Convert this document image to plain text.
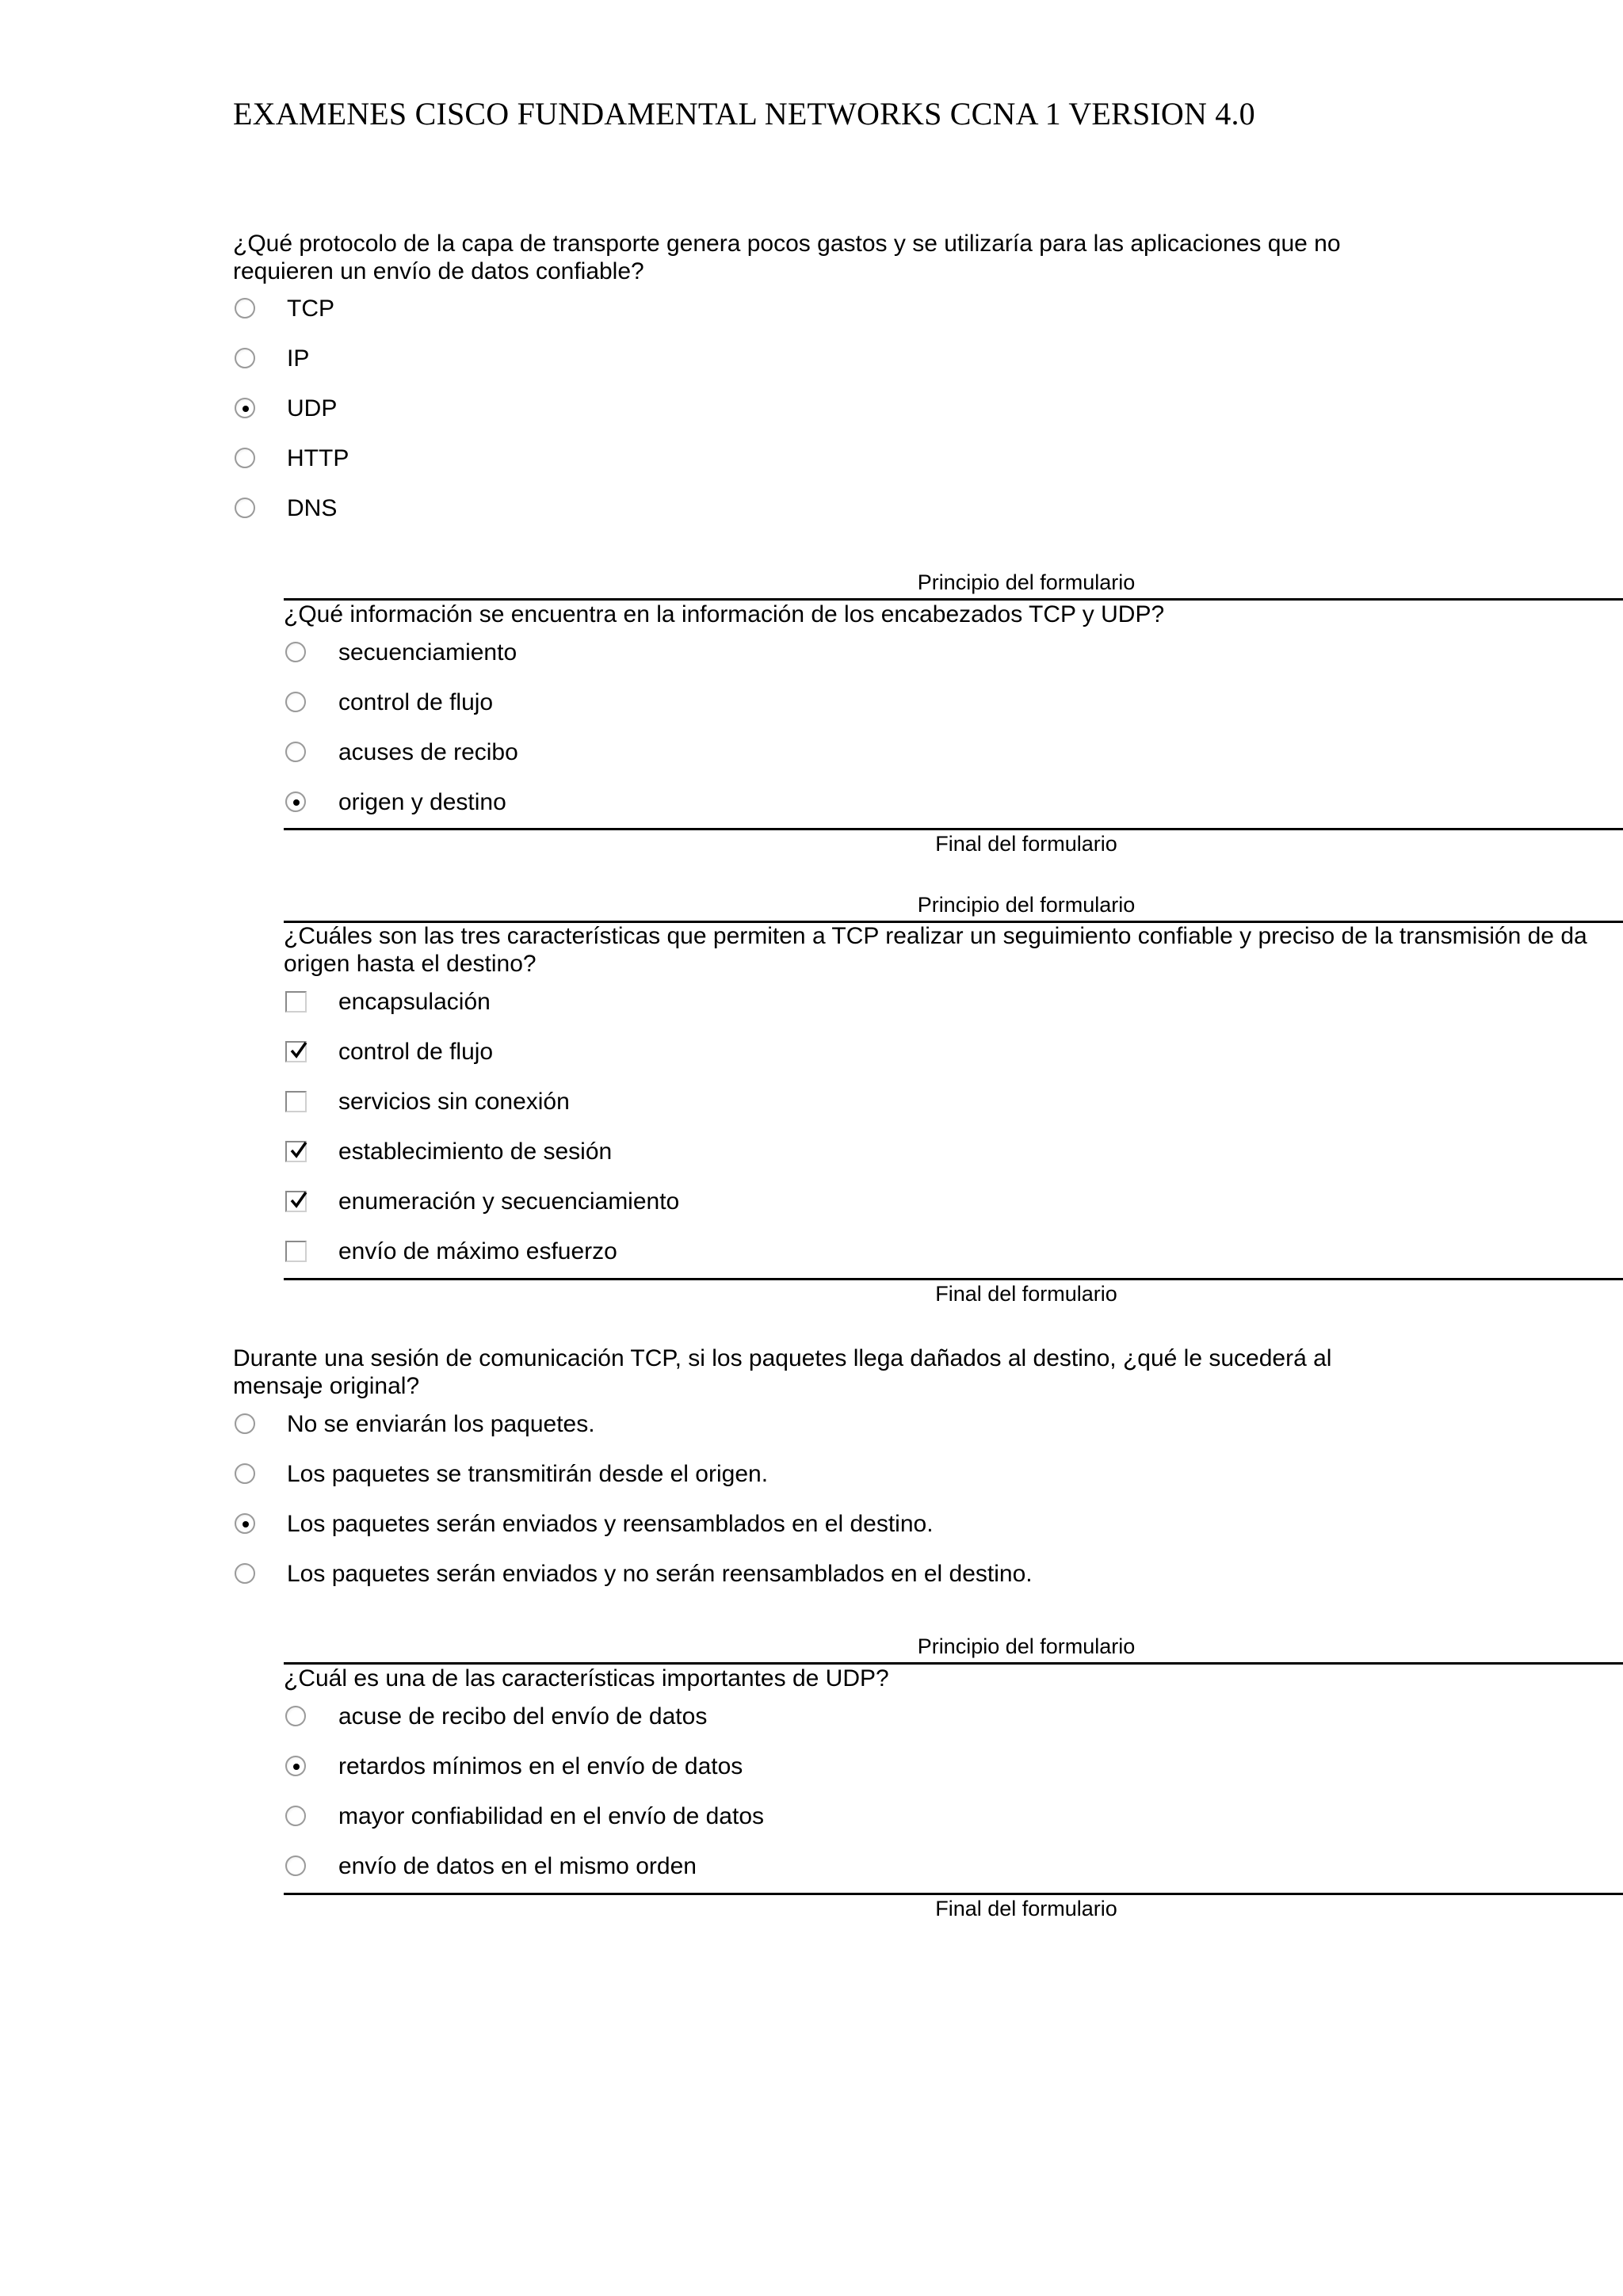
EXAMENES CISCO FUNDAMENTAL NETWORKS CCNA 1 VERSION 4.0
¿Qué protocolo de la capa de transporte genera pocos gastos y se utilizaría para las aplicaciones que no
requieren un envío de datos confiable?
TCP
IP
UDP
HTTP
DNS
Principio del formulario
¿Qué información se encuentra en la información de los encabezados TCP y UDP?
secuenciamiento
control de flujo
acuses de recibo
origen y destino
Final del formulario
Principio del formulario
¿Cuáles son las tres características que permiten a TCP realizar un seguimiento confiable y preciso de la transmisión de da
origen hasta el destino?
encapsulación
control de flujo
servicios sin conexión
establecimiento de sesión
enumeración y secuenciamiento
envío de máximo esfuerzo
Final del formulario
Durante una sesión de comunicación TCP, si los paquetes llega dañados al destino, ¿qué le sucederá al
mensaje original?
No se enviarán los paquetes.
Los paquetes se transmitirán desde el origen.
Los paquetes serán enviados y reensamblados en el destino.
Los paquetes serán enviados y no serán reensamblados en el destino.
Principio del formulario
¿Cuál es una de las características importantes de UDP?
acuse de recibo del envío de datos
retardos mínimos en el envío de datos
mayor confiabilidad en el envío de datos
envío de datos en el mismo orden
Final del formulario
